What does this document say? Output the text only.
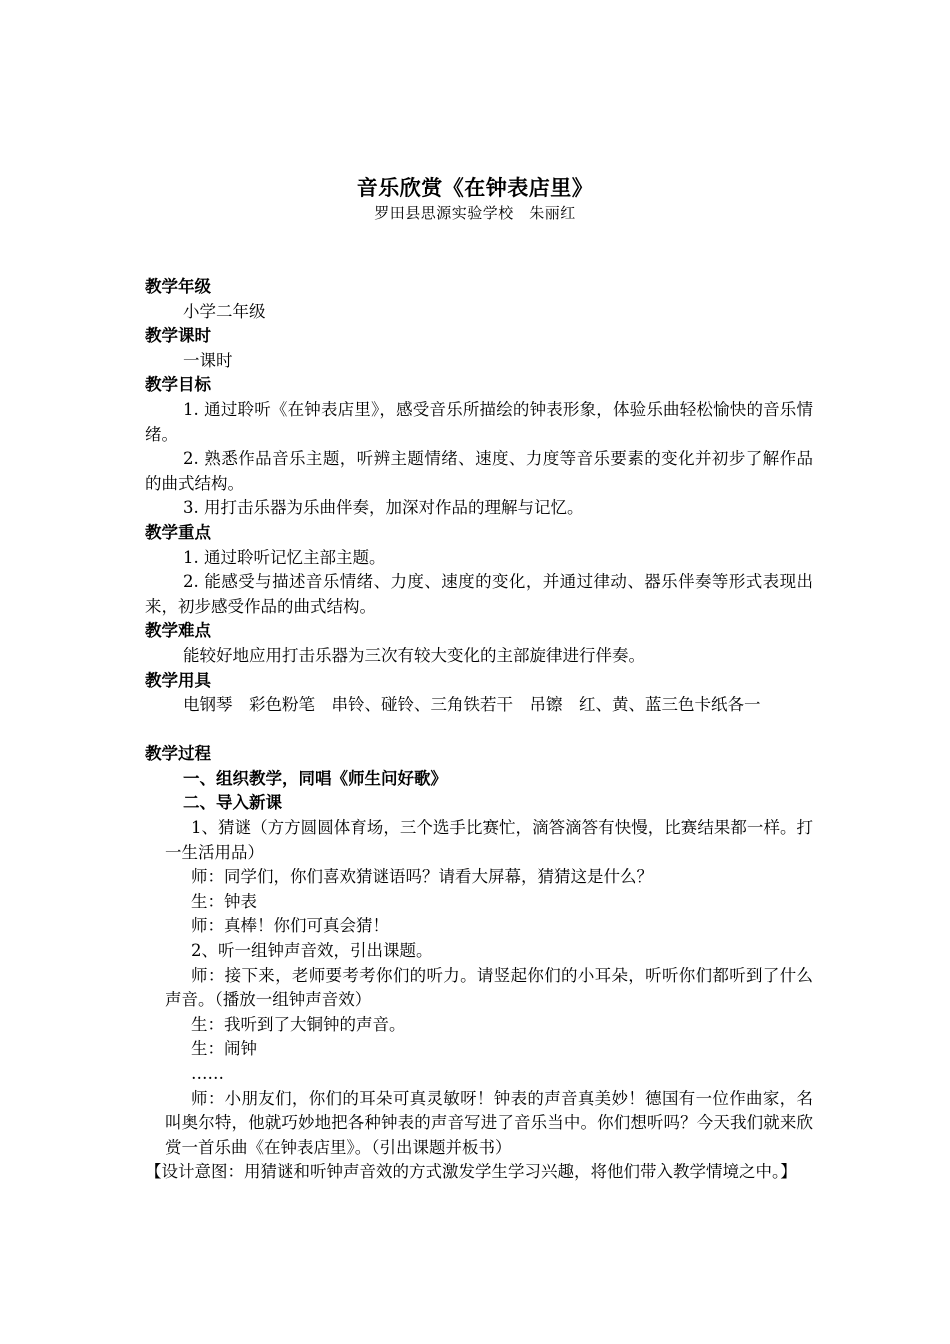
音乐欣赏《在钟表店里》
罗田县思源实验学校　朱丽红
教学年级
小学二年级
教学课时
一课时
教学目标
1. 通过聆听《在钟表店里》，感受音乐所描绘的钟表形象，体验乐曲轻松愉快的音乐情绪。
2. 熟悉作品音乐主题，听辨主题情绪、速度、力度等音乐要素的变化并初步了解作品的曲式结构。
3. 用打击乐器为乐曲伴奏，加深对作品的理解与记忆。
教学重点
1. 通过聆听记忆主部主题。
2. 能感受与描述音乐情绪、力度、速度的变化，并通过律动、器乐伴奏等形式表现出来，初步感受作品的曲式结构。
教学难点
能较好地应用打击乐器为三次有较大变化的主部旋律进行伴奏。
教学用具
电钢琴　彩色粉笔　串铃、碰铃、三角铁若干　吊镲　红、黄、蓝三色卡纸各一
教学过程
一、组织教学，同唱《师生问好歌》
二、导入新课
1、猜谜（方方圆圆体育场，三个选手比赛忙，滴答滴答有快慢，比赛结果都一样。打一生活用品）
师：同学们，你们喜欢猜谜语吗？请看大屏幕，猜猜这是什么？
生：钟表
师：真棒！你们可真会猜！
2、听一组钟声音效，引出课题。
师：接下来，老师要考考你们的听力。请竖起你们的小耳朵，听听你们都听到了什么声音。（播放一组钟声音效）
生：我听到了大铜钟的声音。
生：闹钟
……
师：小朋友们，你们的耳朵可真灵敏呀！钟表的声音真美妙！德国有一位作曲家，名叫奥尔特，他就巧妙地把各种钟表的声音写进了音乐当中。你们想听吗？今天我们就来欣赏一首乐曲《在钟表店里》。（引出课题并板书）
【设计意图：用猜谜和听钟声音效的方式激发学生学习兴趣，将他们带入教学情境之中。】
